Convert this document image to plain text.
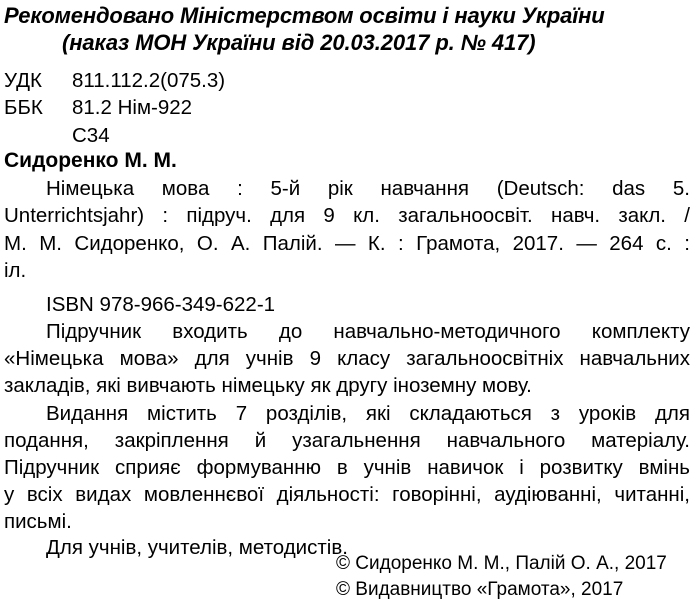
Рекомендовано Міністерством освіти і науки України
(наказ МОН України від 20.03.2017 р. № 417)
УДК 811.112.2(075.3)
ББК 81.2 Нім-922
С34
Сидоренко М. М.
Німецька мова : 5-й рік навчання (Deutsch: das 5.
Unterrichtsjahr) : підруч. для 9 кл. загальноосвіт. навч. закл. /
М. М. Сидоренко, О. А. Палій. — К. : Грамота, 2017. — 264 с. :
іл.
ISBN 978-966-349-622-1
Підручник входить до навчально-методичного комплекту
«Німецька мова» для учнів 9 класу загальноосвітніх навчальних
закладів, які вивчають німецьку як другу іноземну мову.
Видання містить 7 розділів, які складаються з уроків для
подання, закріплення й узагальнення навчального матеріалу.
Підручник сприяє формуванню в учнів навичок і розвитку вмінь
у всіх видах мовленнєвої діяльності: говорінні, аудіюванні, читанні,
письмі.
Для учнів, учителів, методистів.
© Сидоренко М. М., Палій О. А., 2017
© Видавництво «Грамота», 2017
